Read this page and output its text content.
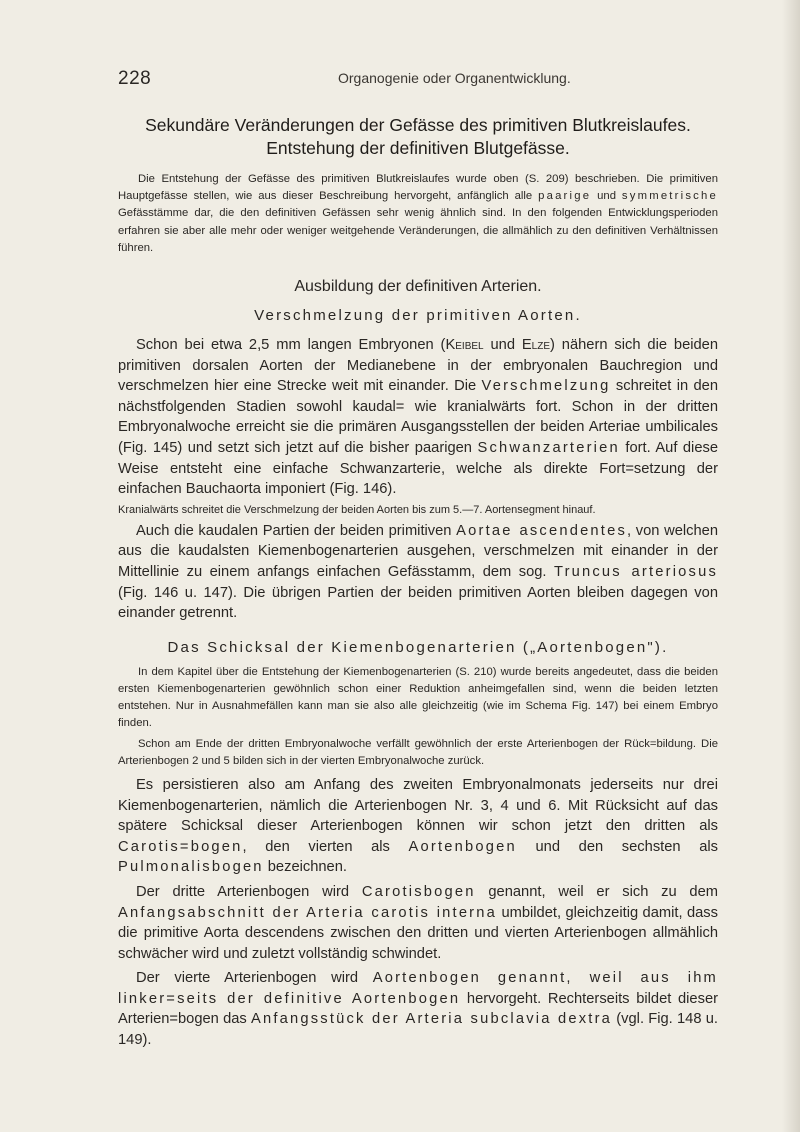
228	Organogenie oder Organentwicklung.
Sekundäre Veränderungen der Gefässe des primitiven Blutkreislaufes.
Entstehung der definitiven Blutgefässe.

Die Entstehung der Gefässe des primitiven Blutkreislaufes wurde oben (S. 209) beschrieben. Die primitiven Hauptgefässe stellen, wie aus dieser Beschreibung hervorgeht, anfänglich alle paarige und symmetrische Gefässtämme dar, die den definitiven Gefässen sehr wenig ähnlich sind. In den folgenden Entwicklungsperioden erfahren sie aber alle mehr oder weniger weitgehende Veränderungen, die allmählich zu den definitiven Verhältnissen führen.

Ausbildung der definitiven Arterien.
Verschmelzung der primitiven Aorten.

Schon bei etwa 2,5 mm langen Embryonen (Keibel und Elze) nähern sich die beiden primitiven dorsalen Aorten der Medianebene in der embryonalen Bauchregion und verschmelzen hier eine Strecke weit mit einander. Die Verschmelzung schreitet in den nächstfolgenden Stadien sowohl kaudal= wie kranialwärts fort. Schon in der dritten Embryonalwoche erreicht sie die primären Ausgangsstellen der beiden Arteriae umbilicales (Fig. 145) und setzt sich jetzt auf die bisher paarigen Schwanzarterien fort. Auf diese Weise entsteht eine einfache Schwanzarterie, welche als direkte Fort=setzung der einfachen Bauchaorta imponiert (Fig. 146).

Kranialwärts schreitet die Verschmelzung der beiden Aorten bis zum 5.—7. Aortensegment hinauf.

Auch die kaudalen Partien der beiden primitiven Aortae ascendentes, von welchen aus die kaudalsten Kiemenbogenarterien ausgehen, verschmelzen mit einander in der Mittellinie zu einem anfangs einfachen Gefässtamm, dem sog. Truncus arteriosus (Fig. 146 u. 147). Die übrigen Partien der beiden primitiven Aorten bleiben dagegen von einander getrennt.

Das Schicksal der Kiemenbogenarterien („Aortenbogen").

In dem Kapitel über die Entstehung der Kiemenbogenarterien (S. 210) wurde bereits angedeutet, dass die beiden ersten Kiemenbogenarterien gewöhnlich schon einer Reduktion anheimgefallen sind, wenn die beiden letzten entstehen. Nur in Ausnahmefällen kann man sie also alle gleichzeitig (wie im Schema Fig. 147) bei einem Embryo finden.

Schon am Ende der dritten Embryonalwoche verfällt gewöhnlich der erste Arterienbogen der Rück=bildung. Die Arterienbogen 2 und 5 bilden sich in der vierten Embryonalwoche zurück.

Es persistieren also am Anfang des zweiten Embryonalmonats jederseits nur drei Kiemenbogenarterien, nämlich die Arterienbogen Nr. 3, 4 und 6. Mit Rücksicht auf das spätere Schicksal dieser Arterienbogen können wir schon jetzt den dritten als Carotis=bogen, den vierten als Aortenbogen und den sechsten als Pulmonalisbogen bezeichnen.

Der dritte Arterienbogen wird Carotisbogen genannt, weil er sich zu dem Anfangsabschnitt der Arteria carotis interna umbildet, gleichzeitig damit, dass die primitive Aorta descendens zwischen den dritten und vierten Arterienbogen allmählich schwächer wird und zuletzt vollständig schwindet.

Der vierte Arterienbogen wird Aortenbogen genannt, weil aus ihm linker=seits der definitive Aortenbogen hervorgeht. Rechterseits bildet dieser Arterien=bogen das Anfangsstück der Arteria subclavia dextra (vgl. Fig. 148 u. 149).
